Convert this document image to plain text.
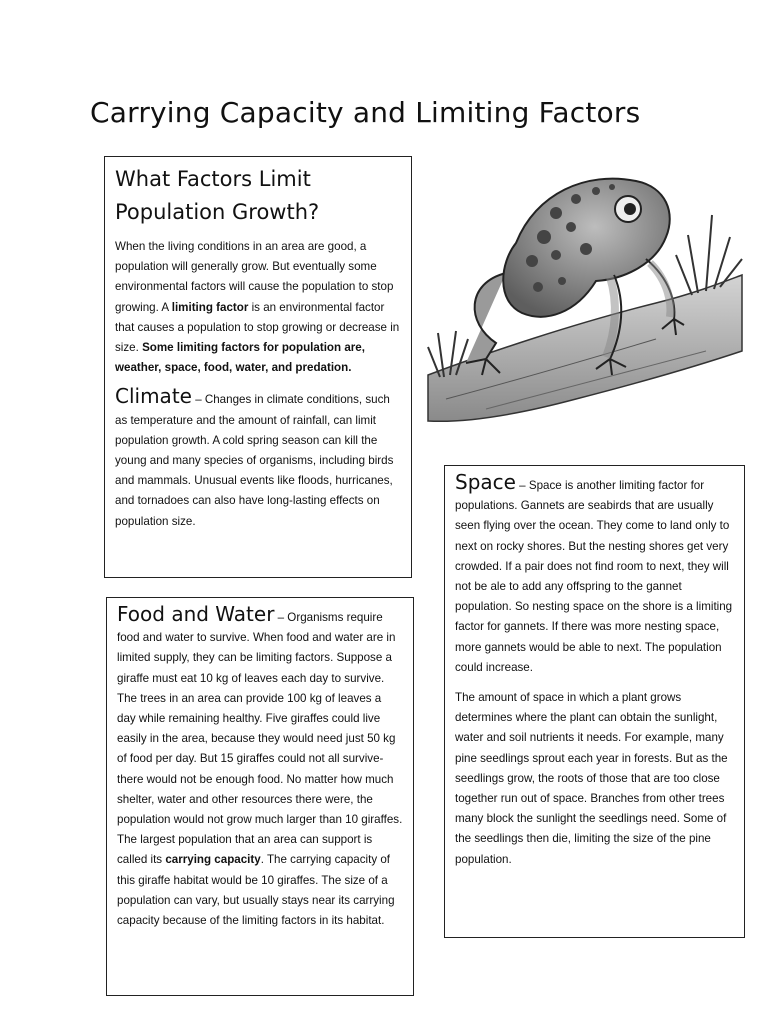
Carrying Capacity and Limiting Factors
What Factors Limit Population Growth?

When the living conditions in an area are good, a population will generally grow. But eventually some environmental factors will cause the population to stop growing. A limiting factor is an environmental factor that causes a population to stop growing or decrease in size. Some limiting factors for population are, weather, space, food, water, and predation.

Climate – Changes in climate conditions, such as temperature and the amount of rainfall, can limit population growth. A cold spring season can kill the young and many species of organisms, including birds and mammals. Unusual events like floods, hurricanes, and tornadoes can also have long-lasting effects on population size.

Food and Water – Organisms require food and water to survive. When food and water are in limited supply, they can be limiting factors. Suppose a giraffe must eat 10 kg of leaves each day to survive. The trees in an area can provide 100 kg of leaves a day while remaining healthy. Five giraffes could live easily in the area, because they would need just 50 kg of food per day. But 15 giraffes could not all survive-there would not be enough food. No matter how much shelter, water and other resources there were, the population would not grow much larger than 10 giraffes. The largest population that an area can support is called its carrying capacity. The carrying capacity of this giraffe habitat would be 10 giraffes. The size of a population can vary, but usually stays near its carrying capacity because of the limiting factors in its habitat.

Space – Space is another limiting factor for populations. Gannets are seabirds that are usually seen flying over the ocean. They come to land only to next on rocky shores. But the nesting shores get very crowded. If a pair does not find room to next, they will not be ale to add any offspring to the gannet population. So nesting space on the shore is a limiting factor for gannets. If there was more nesting space, more gannets would be able to next. The population could increase.

The amount of space in which a plant grows determines where the plant can obtain the sunlight, water and soil nutrients it needs. For example, many pine seedlings sprout each year in forests. But as the seedlings grow, the roots of those that are too close together run out of space. Branches from other trees many block the sunlight the seedlings need. Some of the seedlings then die, limiting the size of the pine population.
